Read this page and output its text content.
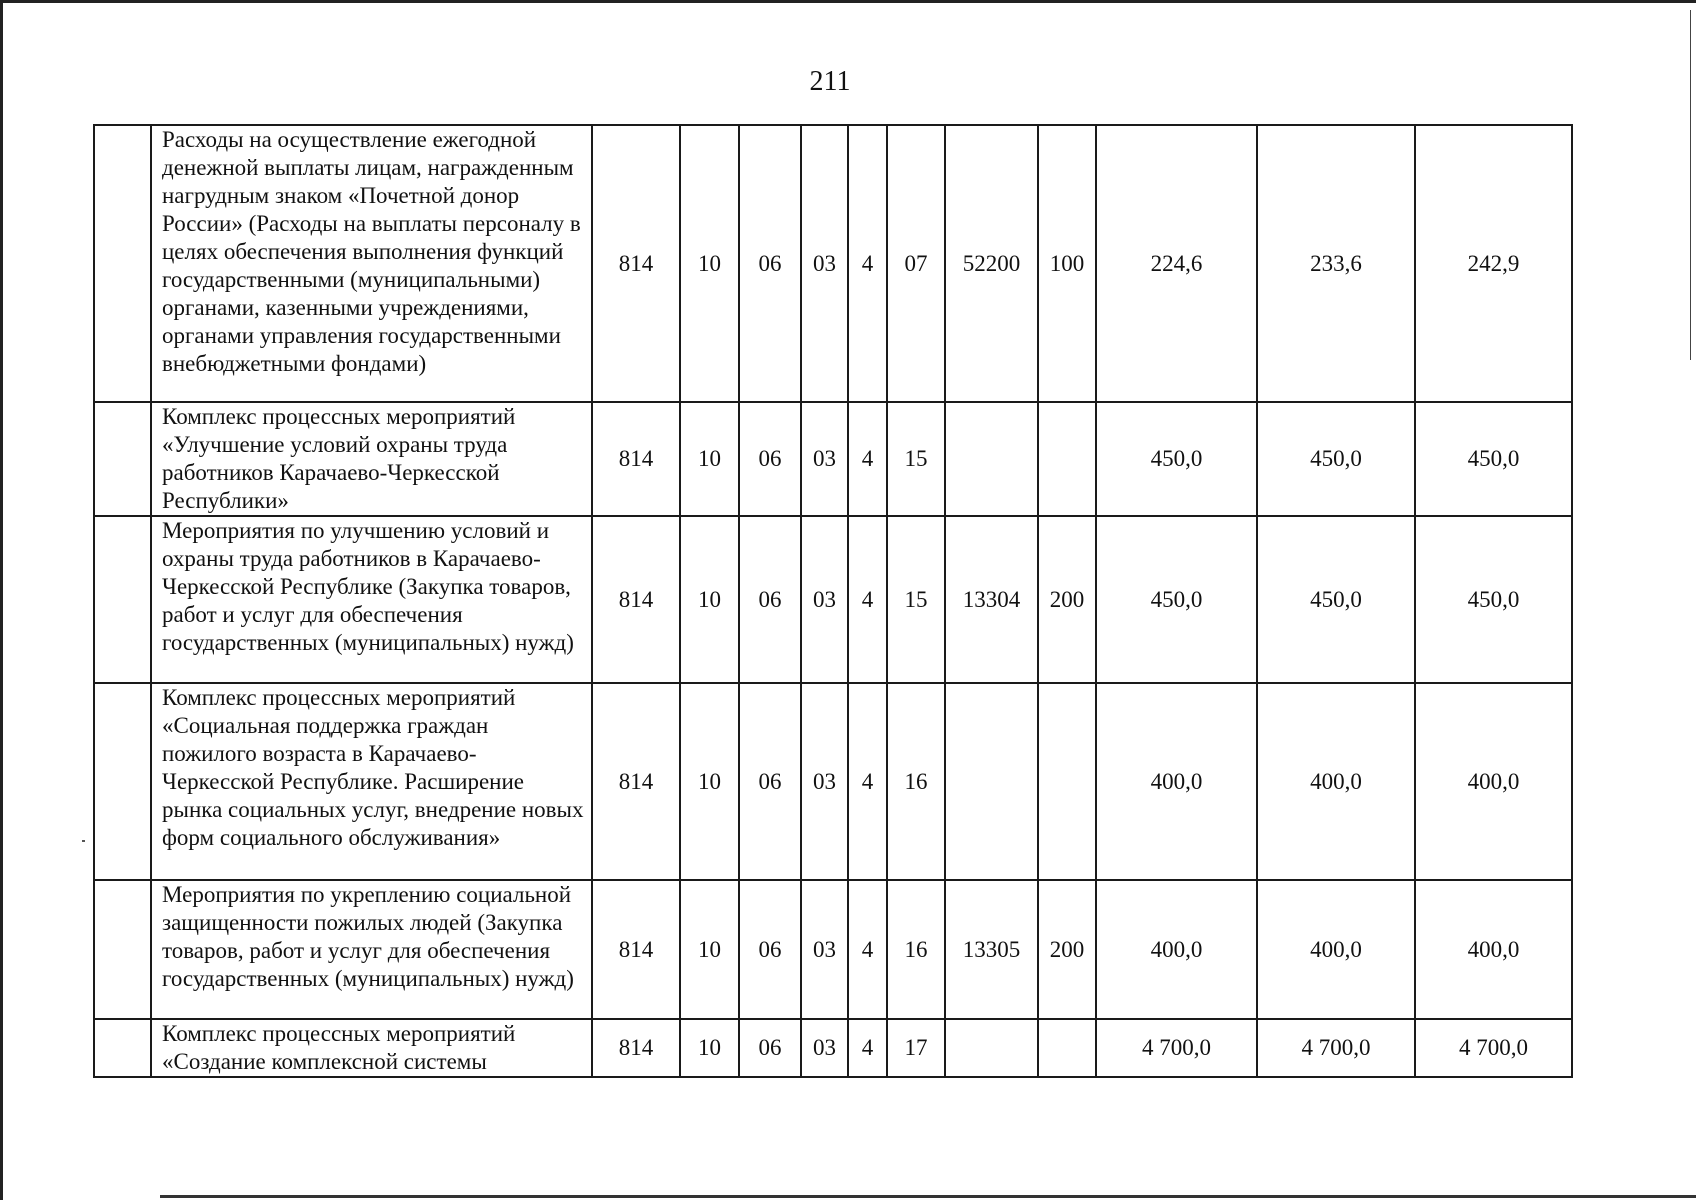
⁞
211
	Расходы на осуществление ежегодной денежной выплаты лицам, награжденным нагрудным знаком «Почетной донор России» (Расходы на выплаты персоналу в целях обеспечения выполнения функций государственными (муниципальными) органами, казенными учреждениями, органами управления государственными внебюджетными фондами)	814	10	06	03	4	07	52200	100	224,6	233,6	242,9
	Комплекс процессных мероприятий «Улучшение условий охраны труда работников Карачаево-Черкесской Республики»	814	10	06	03	4	15			450,0	450,0	450,0
	Мероприятия по улучшению условий и охраны труда работников в Карачаево-Черкесской Республике (Закупка товаров, работ и услуг для обеспечения государственных (муниципальных) нужд)	814	10	06	03	4	15	13304	200	450,0	450,0	450,0
	Комплекс процессных мероприятий «Социальная поддержка граждан пожилого возраста в Карачаево-Черкесской Республике. Расширение рынка социальных услуг, внедрение новых форм социального обслуживания»	814	10	06	03	4	16			400,0	400,0	400,0
	Мероприятия по укреплению социальной защищенности пожилых людей (Закупка товаров, работ и услуг для обеспечения государственных (муниципальных) нужд)	814	10	06	03	4	16	13305	200	400,0	400,0	400,0
	Комплекс процессных мероприятий «Создание комплексной системы	814	10	06	03	4	17			4 700,0	4 700,0	4 700,0
